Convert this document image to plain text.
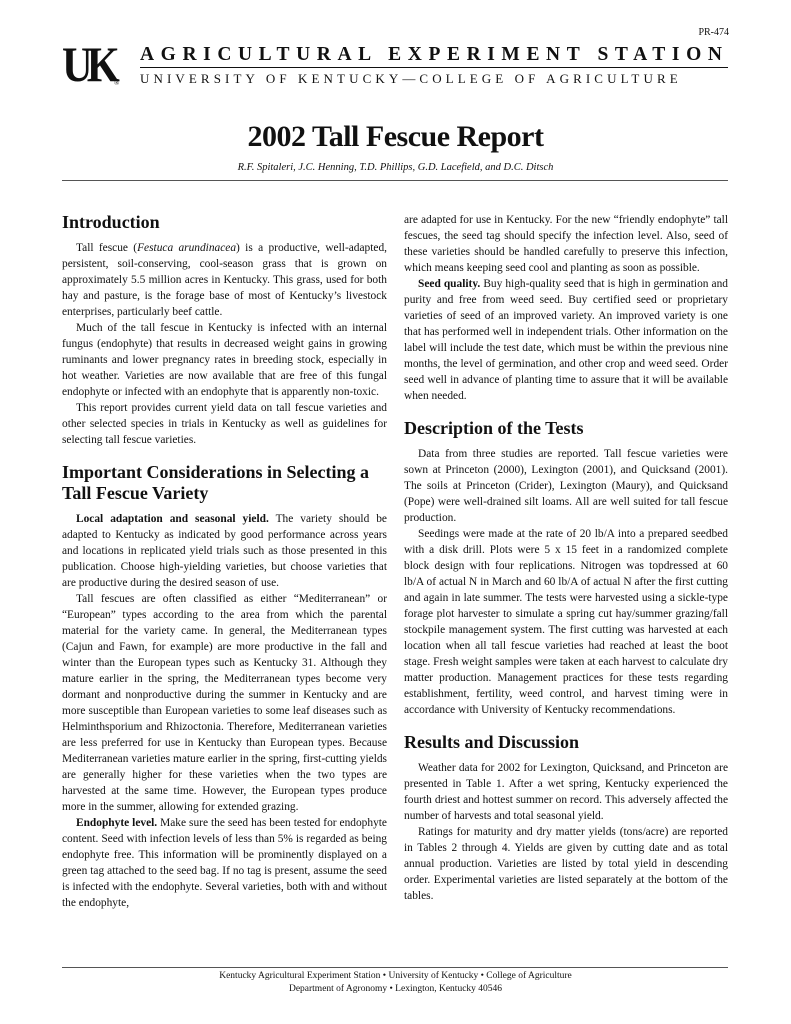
PR-474
UK ®
AGRICULTURAL EXPERIMENT STATION
UNIVERSITY OF KENTUCKY—COLLEGE OF AGRICULTURE
2002 Tall Fescue Report
R.F. Spitaleri, J.C. Henning, T.D. Phillips, G.D. Lacefield, and D.C. Ditsch
Introduction

Tall fescue (Festuca arundinacea) is a productive, well-adapted, persistent, soil-conserving, cool-season grass that is grown on approximately 5.5 million acres in Kentucky. This grass, used for both hay and pasture, is the forage base of most of Kentucky’s livestock enterprises, particularly beef cattle.

Much of the tall fescue in Kentucky is infected with an internal fungus (endophyte) that results in decreased weight gains in growing ruminants and lower pregnancy rates in breeding stock, especially in hot weather. Varieties are now available that are free of this fungal endophyte or infected with an endophyte that is apparently non-toxic.

This report provides current yield data on tall fescue varieties and other selected species in trials in Kentucky as well as guidelines for selecting tall fescue varieties.

Important Considerations in Selecting a Tall Fescue Variety

Local adaptation and seasonal yield. The variety should be adapted to Kentucky as indicated by good performance across years and locations in replicated yield trials such as those presented in this publication. Choose high-yielding varieties, but choose varieties that are productive during the desired season of use.

Tall fescues are often classified as either “Mediterranean” or “European” types according to the area from which the parental material for the variety came. In general, the Mediterranean types (Cajun and Fawn, for example) are more productive in the fall and winter than the European types such as Kentucky 31. Although they mature earlier in the spring, the Mediterranean types become very dormant and nonproductive during the summer in Kentucky and are more susceptible than European varieties to some leaf diseases such as Helminthsporium and Rhizoctonia. Therefore, Mediterranean varieties are less preferred for use in Kentucky than European types. Because Mediterranean varieties mature earlier in the spring, first-cutting yields are generally higher for these varieties when the two types are harvested at the same time. However, the European types produce more in the summer, allowing for extended grazing.

Endophyte level. Make sure the seed has been tested for endophyte content. Seed with infection levels of less than 5% is regarded as being endophyte free. This information will be prominently displayed on a green tag attached to the seed bag. If no tag is present, assume the seed is infected with the endophyte. Several varieties, both with and without the endophyte,

are adapted for use in Kentucky. For the new “friendly endophyte” tall fescues, the seed tag should specify the infection level. Also, seed of these varieties should be handled carefully to preserve this infection, which means keeping seed cool and planting as soon as possible.

Seed quality. Buy high-quality seed that is high in germination and purity and free from weed seed. Buy certified seed or proprietary varieties of seed of an improved variety. An improved variety is one that has performed well in independent trials. Other information on the label will include the test date, which must be within the previous nine months, the level of germination, and other crop and weed seed. Order seed well in advance of planting time to assure that it will be available when needed.

Description of the Tests

Data from three studies are reported. Tall fescue varieties were sown at Princeton (2000), Lexington (2001), and Quicksand (2001). The soils at Princeton (Crider), Lexington (Maury), and Quicksand (Pope) were well-drained silt loams. All are well suited for tall fescue production.

Seedings were made at the rate of 20 lb/A into a prepared seedbed with a disk drill. Plots were 5 x 15 feet in a randomized complete block design with four replications. Nitrogen was topdressed at 60 lb/A of actual N in March and 60 lb/A of actual N after the first cutting and again in late summer. The tests were harvested using a sickle-type forage plot harvester to simulate a spring cut hay/summer grazing/fall stockpile management system. The first cutting was harvested at each location when all tall fescue varieties had reached at least the boot stage. Fresh weight samples were taken at each harvest to calculate dry matter production. Management practices for these tests regarding establishment, fertility, weed control, and harvest timing were in accordance with University of Kentucky recommendations.

Results and Discussion

Weather data for 2002 for Lexington, Quicksand, and Princeton are presented in Table 1. After a wet spring, Kentucky experienced the fourth driest and hottest summer on record. This adversely affected the number of harvests and total seasonal yield.

Ratings for maturity and dry matter yields (tons/acre) are reported in Tables 2 through 4. Yields are given by cutting date and as total annual production. Varieties are listed by total yield in descending order. Experimental varieties are listed separately at the bottom of the tables.

Kentucky Agricultural Experiment Station • University of Kentucky • College of Agriculture
Department of Agronomy • Lexington, Kentucky 40546
